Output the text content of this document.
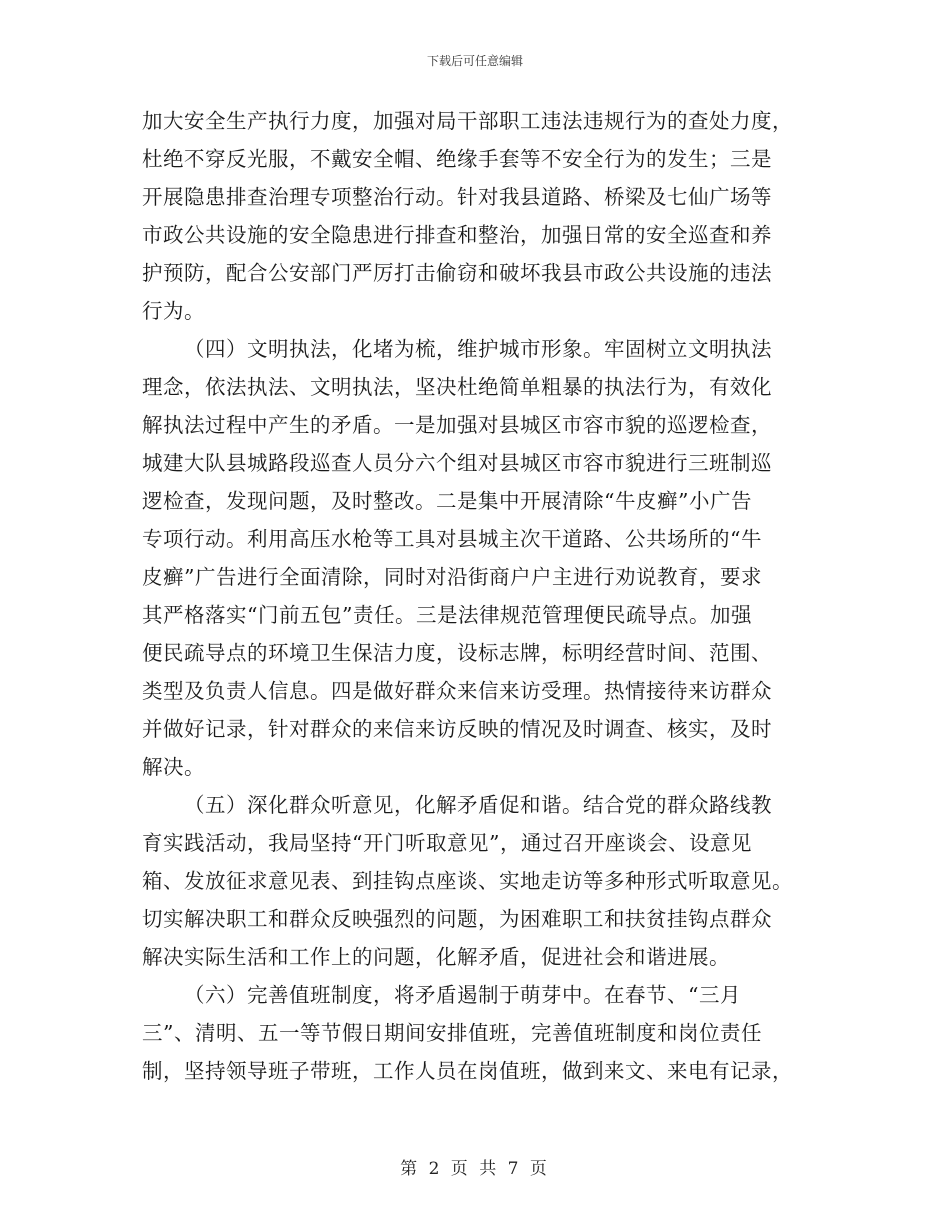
下载后可任意编辑
加大安全生产执行力度，加强对局干部职工违法违规行为的查处力度，
杜绝不穿反光服，不戴安全帽、绝缘手套等不安全行为的发生；三是
开展隐患排查治理专项整治行动。针对我县道路、桥梁及七仙广场等
市政公共设施的安全隐患进行排查和整治，加强日常的安全巡查和养
护预防，配合公安部门严厉打击偷窃和破坏我县市政公共设施的违法
行为。
（四）文明执法，化堵为梳，维护城市形象。牢固树立文明执法
理念，依法执法、文明执法，坚决杜绝简单粗暴的执法行为，有效化
解执法过程中产生的矛盾。一是加强对县城区市容市貌的巡逻检查，
城建大队县城路段巡查人员分六个组对县城区市容市貌进行三班制巡
逻检查，发现问题，及时整改。二是集中开展清除“牛皮癣”小广告
专项行动。利用高压水枪等工具对县城主次干道路、公共场所的“牛
皮癣”广告进行全面清除，同时对沿街商户户主进行劝说教育，要求
其严格落实“门前五包”责任。三是法律规范管理便民疏导点。加强
便民疏导点的环境卫生保洁力度，设标志牌，标明经营时间、范围、
类型及负责人信息。四是做好群众来信来访受理。热情接待来访群众
并做好记录，针对群众的来信来访反映的情况及时调查、核实，及时
解决。
（五）深化群众听意见，化解矛盾促和谐。结合党的群众路线教
育实践活动，我局坚持“开门听取意见”，通过召开座谈会、设意见
箱、发放征求意见表、到挂钩点座谈、实地走访等多种形式听取意见。
切实解决职工和群众反映强烈的问题，为困难职工和扶贫挂钩点群众
解决实际生活和工作上的问题，化解矛盾，促进社会和谐进展。
（六）完善值班制度，将矛盾遏制于萌芽中。在春节、“三月
三”、清明、五一等节假日期间安排值班，完善值班制度和岗位责任
制，坚持领导班子带班，工作人员在岗值班，做到来文、来电有记录，
第 2 页 共 7 页
